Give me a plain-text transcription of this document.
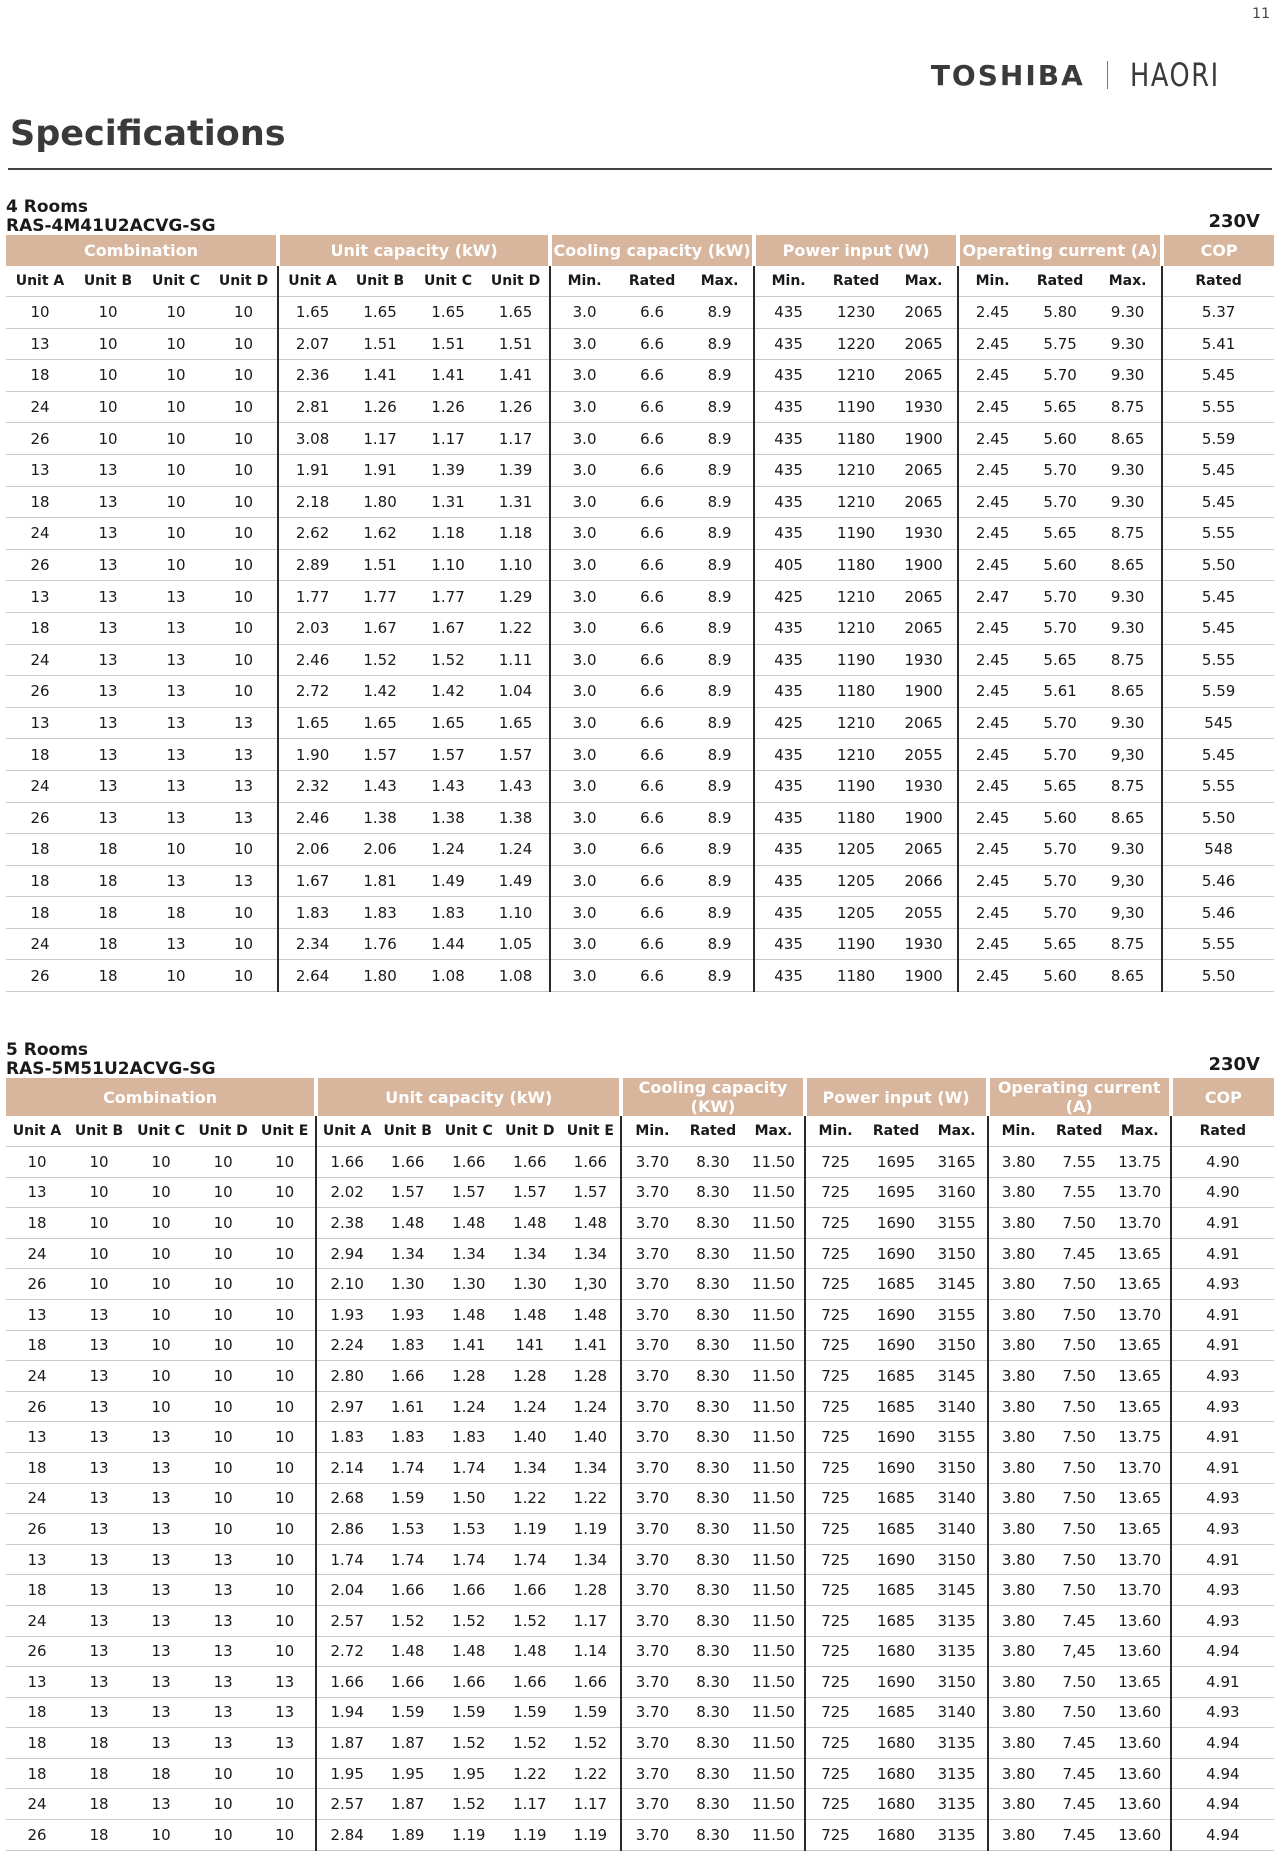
11
TOSHIBA HAORI
Specifications
4 Rooms
RAS-4M41U2ACVG-SG	230V
Combination				Unit capacity (kW)				Cooling capacity (kW)			Power input (W)			Operating current (A)			COP
Unit A	Unit B	Unit C	Unit D	Unit A	Unit B	Unit C	Unit D	Min.	Rated	Max.	Min.	Rated	Max.	Min.	Rated	Max.	Rated
10	10	10	10	1.65	1.65	1.65	1.65	3.0	6.6	8.9	435	1230	2065	2.45	5.80	9.30	5.37
13	10	10	10	2.07	1.51	1.51	1.51	3.0	6.6	8.9	435	1220	2065	2.45	5.75	9.30	5.41
18	10	10	10	2.36	1.41	1.41	1.41	3.0	6.6	8.9	435	1210	2065	2.45	5.70	9.30	5.45
24	10	10	10	2.81	1.26	1.26	1.26	3.0	6.6	8.9	435	1190	1930	2.45	5.65	8.75	5.55
26	10	10	10	3.08	1.17	1.17	1.17	3.0	6.6	8.9	435	1180	1900	2.45	5.60	8.65	5.59
13	13	10	10	1.91	1.91	1.39	1.39	3.0	6.6	8.9	435	1210	2065	2.45	5.70	9.30	5.45
18	13	10	10	2.18	1.80	1.31	1.31	3.0	6.6	8.9	435	1210	2065	2.45	5.70	9.30	5.45
24	13	10	10	2.62	1.62	1.18	1.18	3.0	6.6	8.9	435	1190	1930	2.45	5.65	8.75	5.55
26	13	10	10	2.89	1.51	1.10	1.10	3.0	6.6	8.9	405	1180	1900	2.45	5.60	8.65	5.50
13	13	13	10	1.77	1.77	1.77	1.29	3.0	6.6	8.9	425	1210	2065	2.47	5.70	9.30	5.45
18	13	13	10	2.03	1.67	1.67	1.22	3.0	6.6	8.9	435	1210	2065	2.45	5.70	9.30	5.45
24	13	13	10	2.46	1.52	1.52	1.11	3.0	6.6	8.9	435	1190	1930	2.45	5.65	8.75	5.55
26	13	13	10	2.72	1.42	1.42	1.04	3.0	6.6	8.9	435	1180	1900	2.45	5.61	8.65	5.59
13	13	13	13	1.65	1.65	1.65	1.65	3.0	6.6	8.9	425	1210	2065	2.45	5.70	9.30	545
18	13	13	13	1.90	1.57	1.57	1.57	3.0	6.6	8.9	435	1210	2055	2.45	5.70	9,30	5.45
24	13	13	13	2.32	1.43	1.43	1.43	3.0	6.6	8.9	435	1190	1930	2.45	5.65	8.75	5.55
26	13	13	13	2.46	1.38	1.38	1.38	3.0	6.6	8.9	435	1180	1900	2.45	5.60	8.65	5.50
18	18	10	10	2.06	2.06	1.24	1.24	3.0	6.6	8.9	435	1205	2065	2.45	5.70	9.30	548
18	18	13	13	1.67	1.81	1.49	1.49	3.0	6.6	8.9	435	1205	2066	2.45	5.70	9,30	5.46
18	18	18	10	1.83	1.83	1.83	1.10	3.0	6.6	8.9	435	1205	2055	2.45	5.70	9,30	5.46
24	18	13	10	2.34	1.76	1.44	1.05	3.0	6.6	8.9	435	1190	1930	2.45	5.65	8.75	5.55
26	18	10	10	2.64	1.80	1.08	1.08	3.0	6.6	8.9	435	1180	1900	2.45	5.60	8.65	5.50
5 Rooms
RAS-5M51U2ACVG-SG	230V
Combination					Unit capacity (kW)					Cooling capacity (KW)			Power input (W)			Operating current (A)			COP
Unit A	Unit B	Unit C	Unit D	Unit E	Unit A	Unit B	Unit C	Unit D	Unit E	Min.	Rated	Max.	Min.	Rated	Max.	Min.	Rated	Max.	Rated
10	10	10	10	10	1.66	1.66	1.66	1.66	1.66	3.70	8.30	11.50	725	1695	3165	3.80	7.55	13.75	4.90
13	10	10	10	10	2.02	1.57	1.57	1.57	1.57	3.70	8.30	11.50	725	1695	3160	3.80	7.55	13.70	4.90
18	10	10	10	10	2.38	1.48	1.48	1.48	1.48	3.70	8.30	11.50	725	1690	3155	3.80	7.50	13.70	4.91
24	10	10	10	10	2.94	1.34	1.34	1.34	1.34	3.70	8.30	11.50	725	1690	3150	3.80	7.45	13.65	4.91
26	10	10	10	10	2.10	1.30	1.30	1.30	1,30	3.70	8.30	11.50	725	1685	3145	3.80	7.50	13.65	4.93
13	13	10	10	10	1.93	1.93	1.48	1.48	1.48	3.70	8.30	11.50	725	1690	3155	3.80	7.50	13.70	4.91
18	13	10	10	10	2.24	1.83	1.41	141	1.41	3.70	8.30	11.50	725	1690	3150	3.80	7.50	13.65	4.91
24	13	10	10	10	2.80	1.66	1.28	1.28	1.28	3.70	8.30	11.50	725	1685	3145	3.80	7.50	13.65	4.93
26	13	10	10	10	2.97	1.61	1.24	1.24	1.24	3.70	8.30	11.50	725	1685	3140	3.80	7.50	13.65	4.93
13	13	13	10	10	1.83	1.83	1.83	1.40	1.40	3.70	8.30	11.50	725	1690	3155	3.80	7.50	13.75	4.91
18	13	13	10	10	2.14	1.74	1.74	1.34	1.34	3.70	8.30	11.50	725	1690	3150	3.80	7.50	13.70	4.91
24	13	13	10	10	2.68	1.59	1.50	1.22	1.22	3.70	8.30	11.50	725	1685	3140	3.80	7.50	13.65	4.93
26	13	13	10	10	2.86	1.53	1.53	1.19	1.19	3.70	8.30	11.50	725	1685	3140	3.80	7.50	13.65	4.93
13	13	13	13	10	1.74	1.74	1.74	1.74	1.34	3.70	8.30	11.50	725	1690	3150	3.80	7.50	13.70	4.91
18	13	13	13	10	2.04	1.66	1.66	1.66	1.28	3.70	8.30	11.50	725	1685	3145	3.80	7.50	13.70	4.93
24	13	13	13	10	2.57	1.52	1.52	1.52	1.17	3.70	8.30	11.50	725	1685	3135	3.80	7.45	13.60	4.93
26	13	13	13	10	2.72	1.48	1.48	1.48	1.14	3.70	8.30	11.50	725	1680	3135	3.80	7,45	13.60	4.94
13	13	13	13	13	1.66	1.66	1.66	1.66	1.66	3.70	8.30	11.50	725	1690	3150	3.80	7.50	13.65	4.91
18	13	13	13	13	1.94	1.59	1.59	1.59	1.59	3.70	8.30	11.50	725	1685	3140	3.80	7.50	13.60	4.93
18	18	13	13	13	1.87	1.87	1.52	1.52	1.52	3.70	8.30	11.50	725	1680	3135	3.80	7.45	13.60	4.94
18	18	18	10	10	1.95	1.95	1.95	1.22	1.22	3.70	8.30	11.50	725	1680	3135	3.80	7.45	13.60	4.94
24	18	13	10	10	2.57	1.87	1.52	1.17	1.17	3.70	8.30	11.50	725	1680	3135	3.80	7.45	13.60	4.94
26	18	10	10	10	2.84	1.89	1.19	1.19	1.19	3.70	8.30	11.50	725	1680	3135	3.80	7.45	13.60	4.94
